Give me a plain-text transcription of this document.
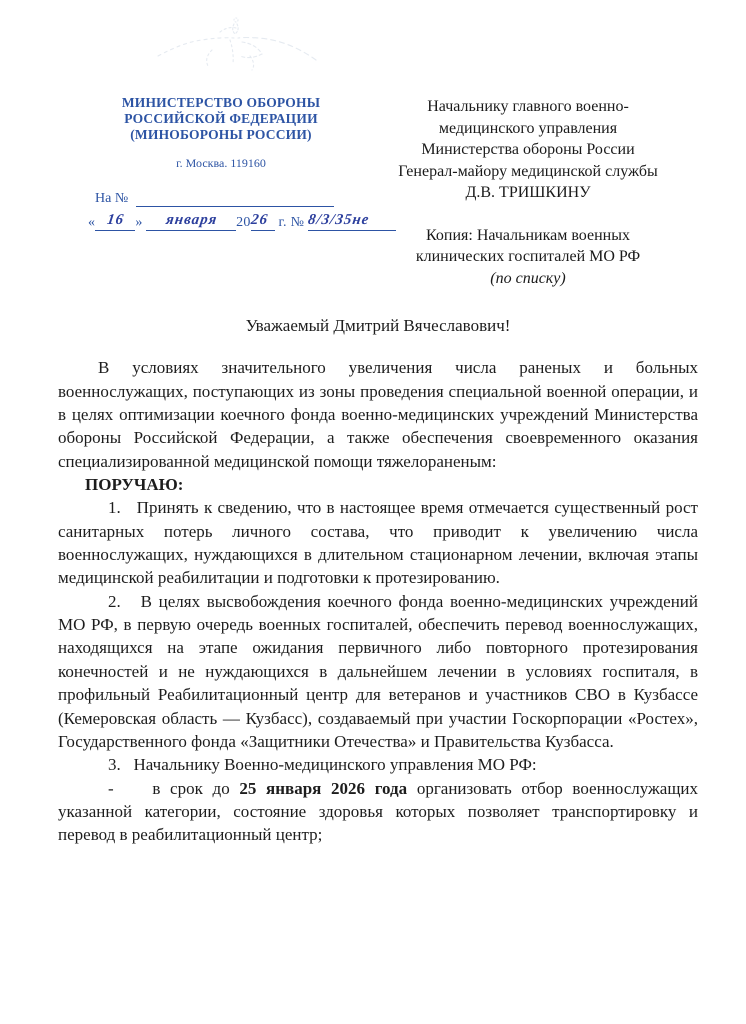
МИНИСТЕРСТВО ОБОРОНЫ
РОССИЙСКОЙ ФЕДЕРАЦИИ
(МИНОБОРОНЫ РОССИИ)
г. Москва. 119160
На №
« 16 » января 2026 г. № 8/3/35не
Начальнику главного военно-
медицинского управления
Министерства обороны России
Генерал-майору медицинской службы
Д.В. ТРИШКИНУ
Копия: Начальникам военных
клинических госпиталей МО РФ
(по списку)
Уважаемый Дмитрий Вячеславович!

В условиях значительного увеличения числа раненых и больных военнослужащих, поступающих из зоны проведения специальной военной операции, и в целях оптимизации коечного фонда военно-медицинских учреждений Министерства обороны Российской Федерации, а также обеспечения своевременного оказания специализированной медицинской помощи тяжелораненым:

ПОРУЧАЮ:

1.   Принять к сведению, что в настоящее время отмечается существенный рост санитарных потерь личного состава, что приводит к увеличению числа военнослужащих, нуждающихся в длительном стационарном лечении, включая этапы медицинской реабилитации и подготовки к протезированию.

2.   В целях высвобождения коечного фонда военно-медицинских учреждений МО РФ, в первую очередь военных госпиталей, обеспечить перевод военнослужащих, находящихся на этапе ожидания первичного либо повторного протезирования конечностей и не нуждающихся в дальнейшем лечении в условиях госпиталя, в профильный Реабилитационный центр для ветеранов и участников СВО в Кузбассе (Кемеровская область — Кузбасс), создаваемый при участии Госкорпорации «Ростех», Государственного фонда «Защитники Отечества» и Правительства Кузбасса.

3.   Начальнику Военно-медицинского управления МО РФ:

-    в срок до 25 января 2026 года организовать отбор военнослужащих указанной категории, состояние здоровья которых позволяет транспортировку и перевод в реабилитационный центр;
